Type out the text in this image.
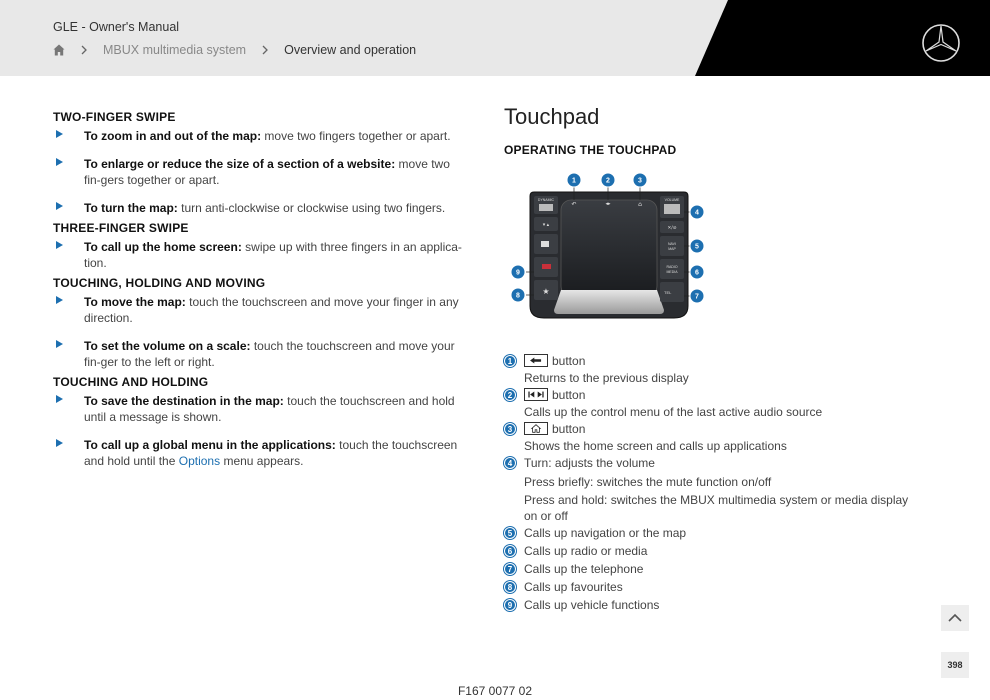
GLE - Owner's Manual
MBUX multimedia system	Overview and operation
TWO-FINGER SWIPE
To zoom in and out of the map: move two fingers together or apart.
To enlarge or reduce the size of a section of a website: move two fin-gers together or apart.
To turn the map: turn anti-clockwise or clockwise using two fingers.
THREE-FINGER SWIPE
To call up the home screen: swipe up with three fingers in an applica-tion.
TOUCHING, HOLDING AND MOVING
To move the map: touch the touchscreen and move your finger in any direction.
To set the volume on a scale: touch the touchscreen and move your fin-ger to the left or right.
TOUCHING AND HOLDING
To save the destination in the map: touch the touchscreen and hold until a message is shown.
To call up a global menu in the applications: touch the touchscreen and hold until the Options menu appears.
Touchpad
OPERATING THE TOUCHPAD
DYNAMIC
▾ ▴
★
VOLUME
✕/⊘
NAVI
MAP
RADIO
MEDIA
TEL
↶	◂▸	⌂
1	2	3
4
5
6
7
8
9
1	button
Returns to the previous display
2	button
Calls up the control menu of the last active audio source
3	button
Shows the home screen and calls up applications
4 Turn: adjusts the volume
Press briefly: switches the mute function on/off
Press and hold: switches the MBUX multimedia system or media display on or off
5 Calls up navigation or the map
6 Calls up radio or media
7 Calls up the telephone
8 Calls up favourites
9 Calls up vehicle functions
398
F167 0077 02
